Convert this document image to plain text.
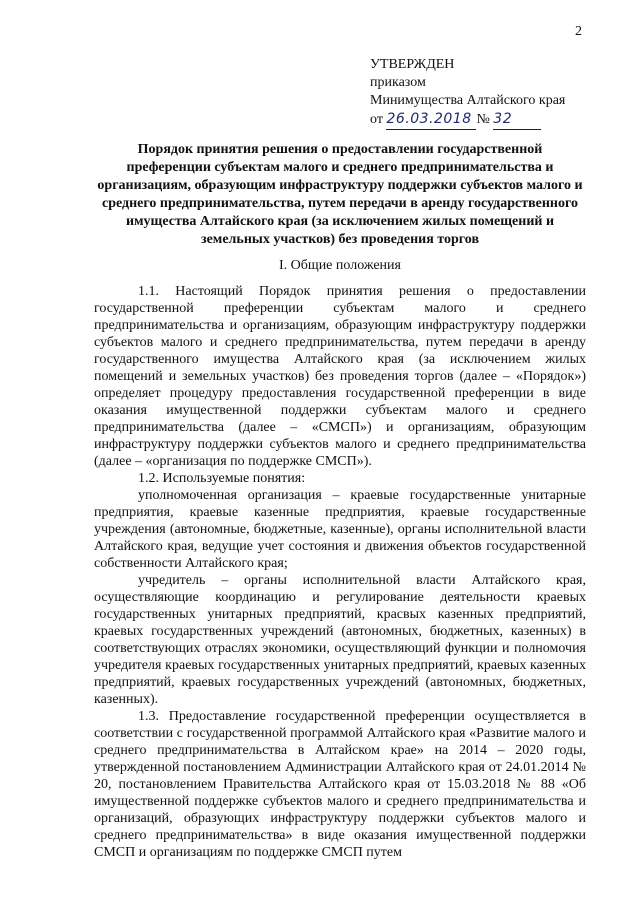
2
УТВЕРЖДЕН
приказом
Минимущества Алтайского края
от 26.03.2018 № 32
Порядок принятия решения о предоставлении государственной преференции субъектам малого и среднего предпринимательства и организациям, образующим инфраструктуру поддержки субъектов малого и среднего предпринимательства, путем передачи в аренду государственного имущества Алтайского края (за исключением жилых помещений и земельных участков) без проведения торгов
I. Общие положения

1.1. Настоящий Порядок принятия решения о предоставлении государственной преференции субъектам малого и среднего предпринимательства и организациям, образующим инфраструктуру поддержки субъектов малого и среднего предпринимательства, путем передачи в аренду государственного имущества Алтайского края (за исключением жилых помещений и земельных участков) без проведения торгов (далее – «Порядок») определяет процедуру предоставления государственной преференции в виде оказания имущественной поддержки субъектам малого и среднего предпринимательства (далее – «СМСП») и организациям, образующим инфраструктуру поддержки субъектов малого и среднего предпринимательства (далее – «организация по поддержке СМСП»).

1.2. Используемые понятия:

уполномоченная организация – краевые государственные унитарные предприятия, краевые казенные предприятия, краевые государственные учреждения (автономные, бюджетные, казенные), органы исполнительной власти Алтайского края, ведущие учет состояния и движения объектов государственной собственности Алтайского края;

учредитель – органы исполнительной власти Алтайского края, осуществляющие координацию и регулирование деятельности краевых государственных унитарных предприятий, красвых казенных предприятий, краевых государственных учреждений (автономных, бюджетных, казенных) в соответствующих отраслях экономики, осуществляющий функции и полномочия учредителя краевых государственных унитарных предприятий, краевых казенных предприятий, краевых государственных учреждений (автономных, бюджетных, казенных).

1.3. Предоставление государственной преференции осуществляется в соответствии с государственной программой Алтайского края «Развитие малого и среднего предпринимательства в Алтайском крае» на 2014 – 2020 годы, утвержденной постановлением Администрации Алтайского края от 24.01.2014 № 20, постановлением Правительства Алтайского края от 15.03.2018 № 88 «Об имущественной поддержке субъектов малого и среднего предпринимательства и организаций, образующих инфраструктуру поддержки субъектов малого и среднего предпринимательства» в виде оказания имущественной поддержки СМСП и организациям по поддержке СМСП путем
